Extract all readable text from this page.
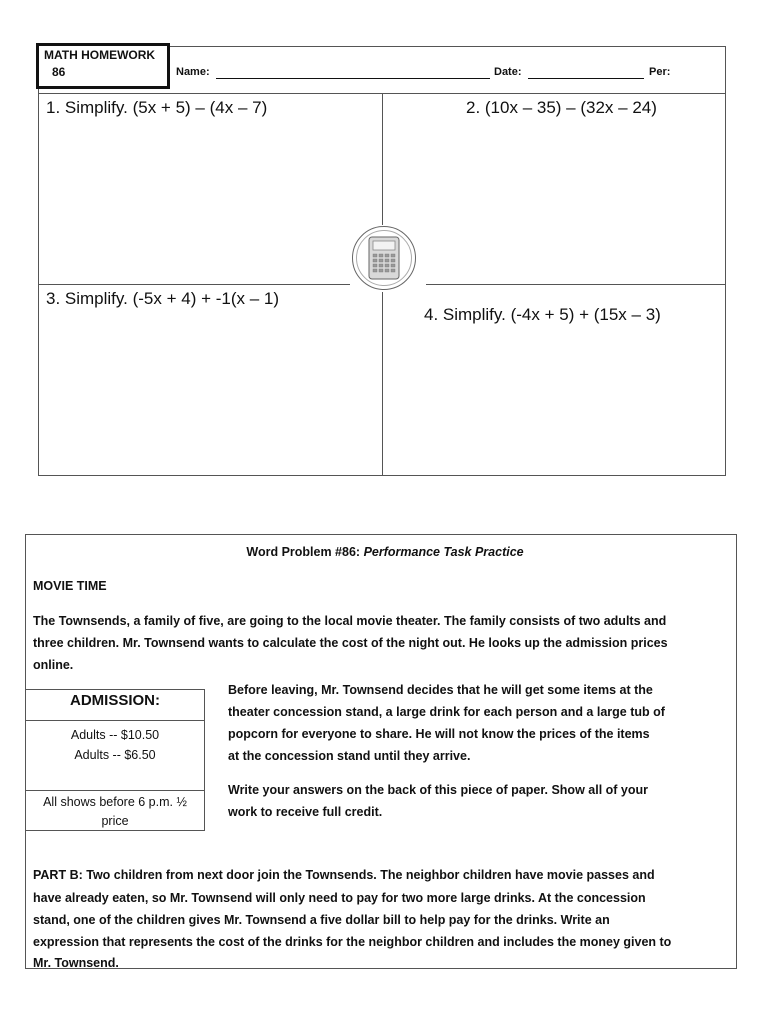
MATH HOMEWORK
86	Name:	Date:	Per:
1. Simplify. (5x + 5) – (4x – 7)	2. (10x – 35) – (32x – 24)
3. Simplify. (-5x + 4) + -1(x – 1)
4. Simplify. (-4x + 5) + (15x – 3)
Word Problem #86: Performance Task Practice
MOVIE TIME
The Townsends, a family of five, are going to the local movie theater. The family consists of two adults and
three children. Mr. Townsend wants to calculate the cost of the night out. He looks up the admission prices
online.
ADMISSION:
Adults -- $10.50
Adults -- $6.50
All shows before 6 p.m. ½
price
Before leaving, Mr. Townsend decides that he will get some items at the
theater concession stand, a large drink for each person and a large tub of
popcorn for everyone to share. He will not know the prices of the items
at the concession stand until they arrive.
Write your answers on the back of this piece of paper. Show all of your
work to receive full credit.
PART B: Two children from next door join the Townsends. The neighbor children have movie passes and
have already eaten, so Mr. Townsend will only need to pay for two more large drinks. At the concession
stand, one of the children gives Mr. Townsend a five dollar bill to help pay for the drinks. Write an
expression that represents the cost of the drinks for the neighbor children and includes the money given to
Mr. Townsend.
